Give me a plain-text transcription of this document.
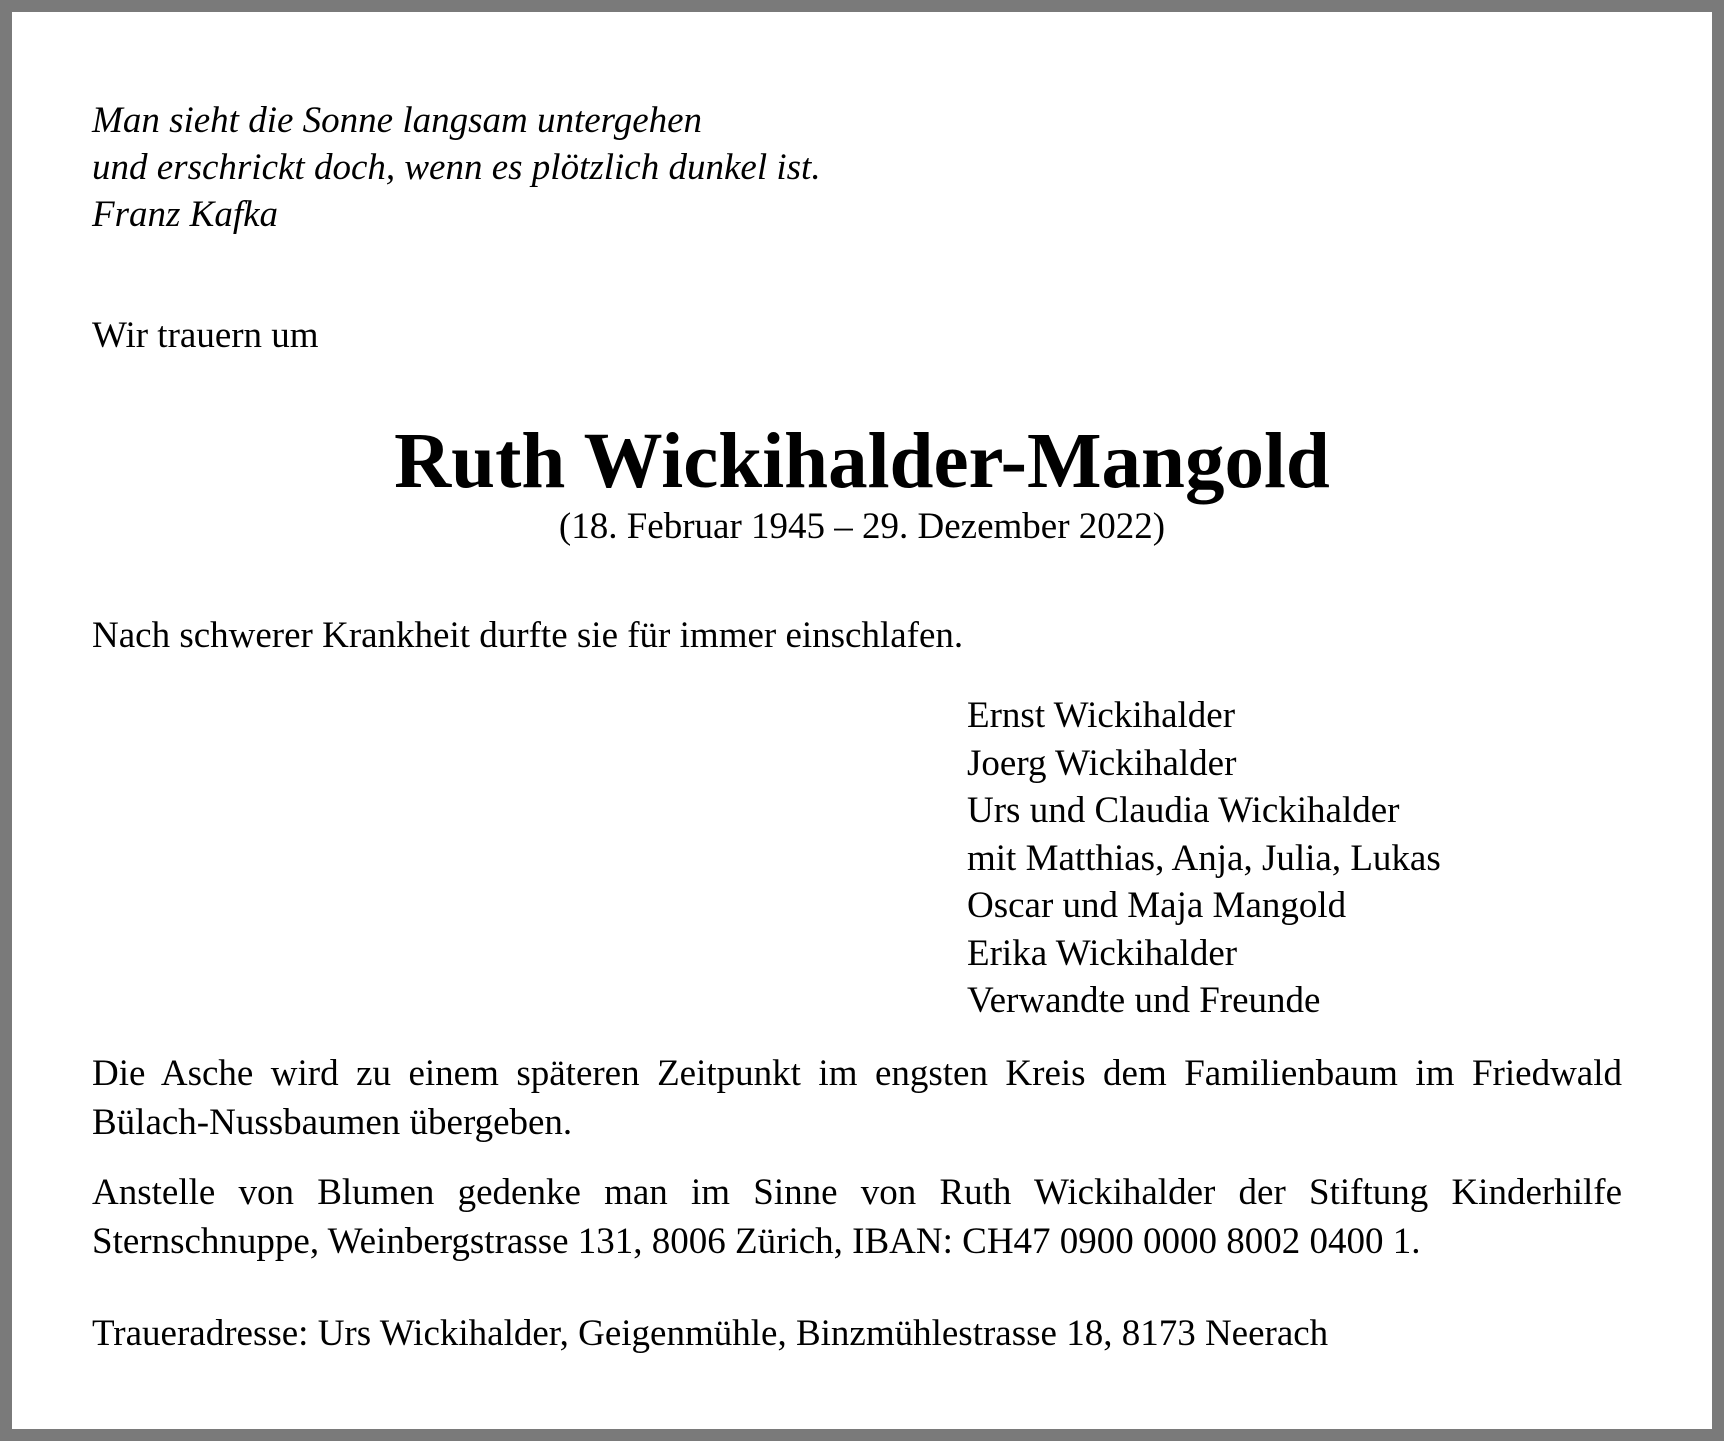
Man sieht die Sonne langsam untergehen
und erschrickt doch, wenn es plötzlich dunkel ist.
Franz Kafka
Wir trauern um
Ruth Wickihalder-Mangold
(18. Februar 1945 – 29. Dezember 2022)
Nach schwerer Krankheit durfte sie für immer einschlafen.
Ernst Wickihalder
Joerg Wickihalder
Urs und Claudia Wickihalder
mit Matthias, Anja, Julia, Lukas
Oscar und Maja Mangold
Erika Wickihalder
Verwandte und Freunde
Die Asche wird zu einem späteren Zeitpunkt im engsten Kreis dem Familienbaum im Friedwald Bülach-Nussbaumen übergeben.
Anstelle von Blumen gedenke man im Sinne von Ruth Wickihalder der Stiftung Kinderhilfe Sternschnuppe, Weinbergstrasse 131, 8006 Zürich, IBAN: CH47 0900 0000 8002 0400 1.
Traueradresse: Urs Wickihalder, Geigenmühle, Binzmühlestrasse 18, 8173 Neerach
